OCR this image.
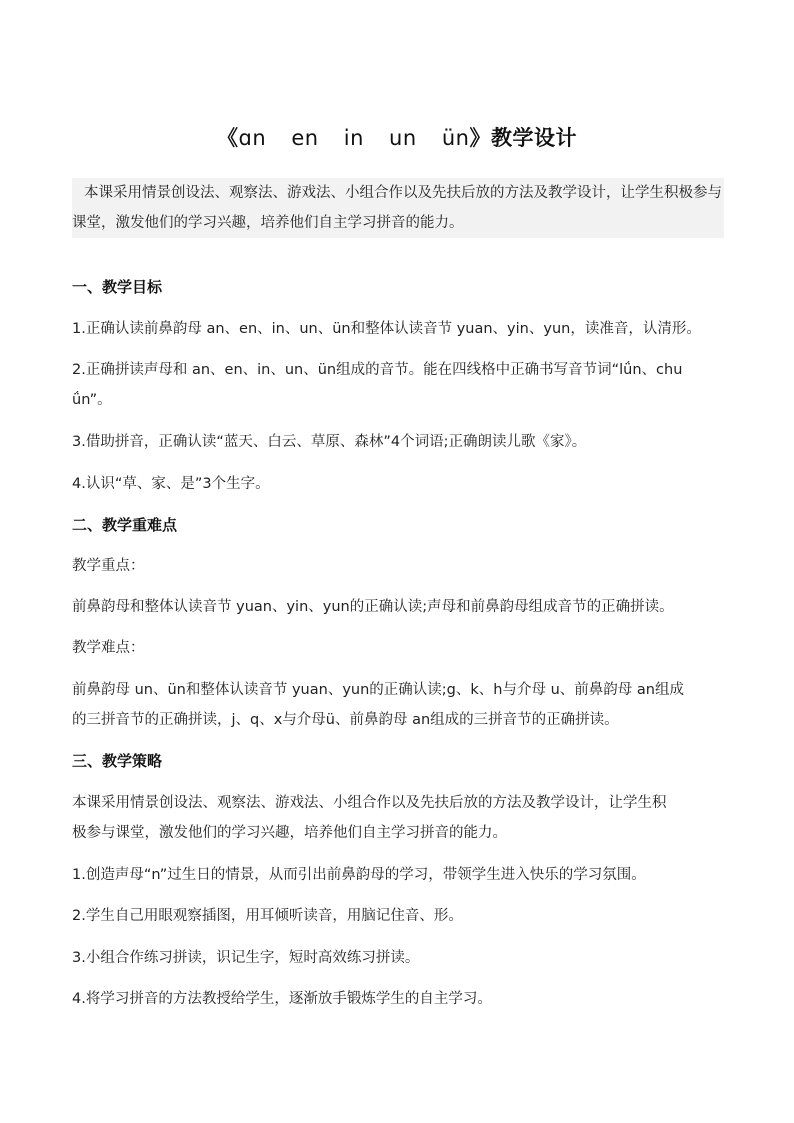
《ɑn en in un ün》教学设计

本课采用情景创设法、观察法、游戏法、小组合作以及先扶后放的方法及教学设计，让学生积极参与课堂，激发他们的学习兴趣，培养他们自主学习拼音的能力。

一、教学目标
1.正确认读前鼻韵母 an、en、in、un、ün和整体认读音节 yuan、yin、yun，读准音，认清形。
2.正确拼读声母和 an、en、in、un、ün组成的音节。能在四线格中正确书写音节词“lǘn、chu
ǘn”。
3.借助拼音，正确认读“蓝天、白云、草原、森林”4个词语;正确朗读儿歌《家》。
4.认识“草、家、是”3个生字。
二、教学重难点
教学重点：
前鼻韵母和整体认读音节 yuan、yin、yun的正确认读;声母和前鼻韵母组成音节的正确拼读。
教学难点：
前鼻韵母 un、ün和整体认读音节 yuan、yun的正确认读;g、k、h与介母 u、前鼻韵母 an组成
的三拼音节的正确拼读，j、q、x与介母ü、前鼻韵母 an组成的三拼音节的正确拼读。
三、教学策略
本课采用情景创设法、观察法、游戏法、小组合作以及先扶后放的方法及教学设计，让学生积
极参与课堂，激发他们的学习兴趣，培养他们自主学习拼音的能力。
1.创造声母“n”过生日的情景，从而引出前鼻韵母的学习，带领学生进入快乐的学习氛围。
2.学生自己用眼观察插图，用耳倾听读音，用脑记住音、形。
3.小组合作练习拼读，识记生字，短时高效练习拼读。
4.将学习拼音的方法教授给学生，逐渐放手锻炼学生的自主学习。
